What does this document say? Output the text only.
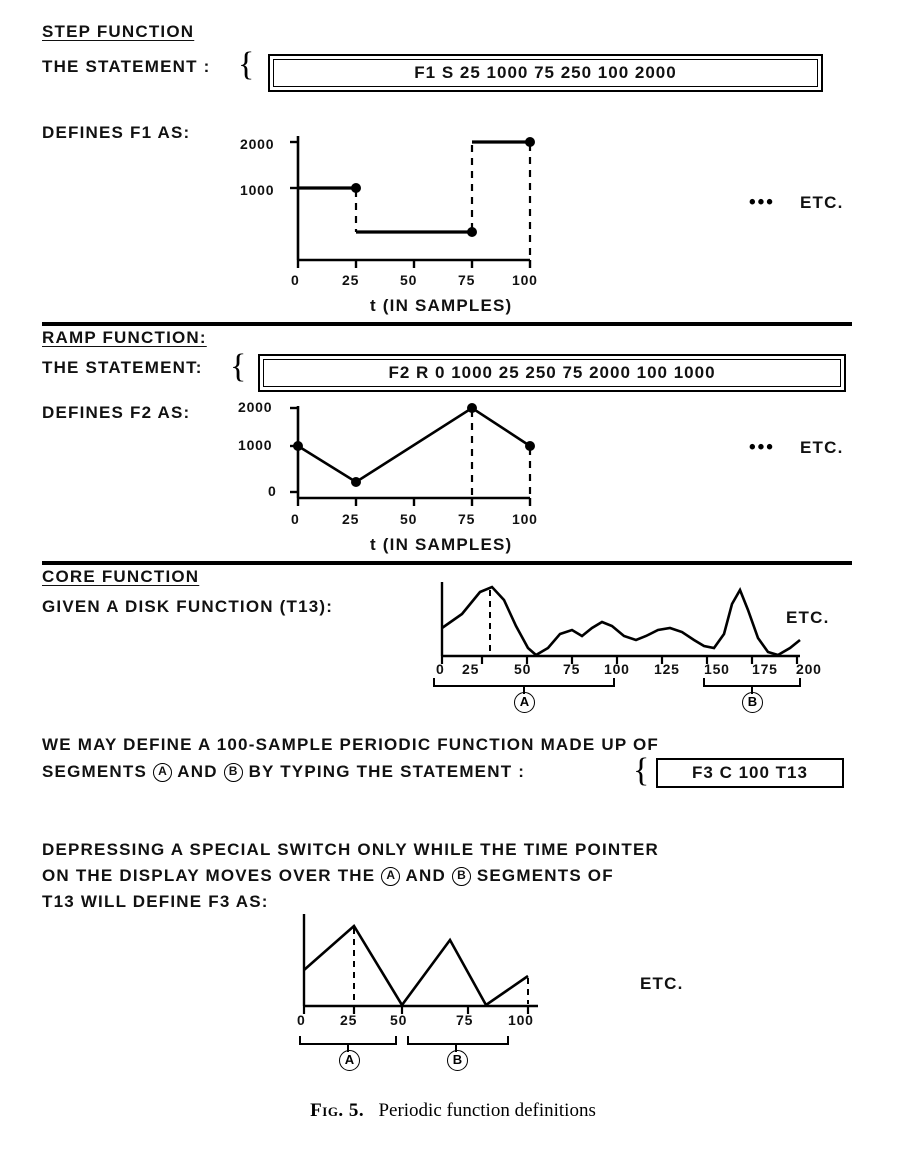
STEP FUNCTION
THE STATEMENT : {	F1 S 25 1000 75 250 100 2000
DEFINES F1 AS:
2000
1000
0	25	50	75	100
••• ETC.
t (IN SAMPLES)
RAMP FUNCTION:
THE STATEMENT: {	F2 R 0 1000 25 250 75 2000 100 1000
DEFINES F2 AS:	2000
1000
0
0	25	50	75	100
••• ETC.
t (IN SAMPLES)
CORE FUNCTION
GIVEN A DISK FUNCTION (T13):
ETC.
0 25 50 75 100 125 150 175 200
A	B
WE MAY DEFINE A 100-SAMPLE PERIODIC FUNCTION MADE UP OF
SEGMENTS A AND B BY TYPING THE STATEMENT :	{	F3 C 100 T13
DEPRESSING A SPECIAL SWITCH ONLY WHILE THE TIME POINTER
ON THE DISPLAY MOVES OVER THE A AND B SEGMENTS OF
T13 WILL DEFINE F3 AS:
ETC.
0 25 50	75 100
A	B
Fig. 5. Periodic function definitions
